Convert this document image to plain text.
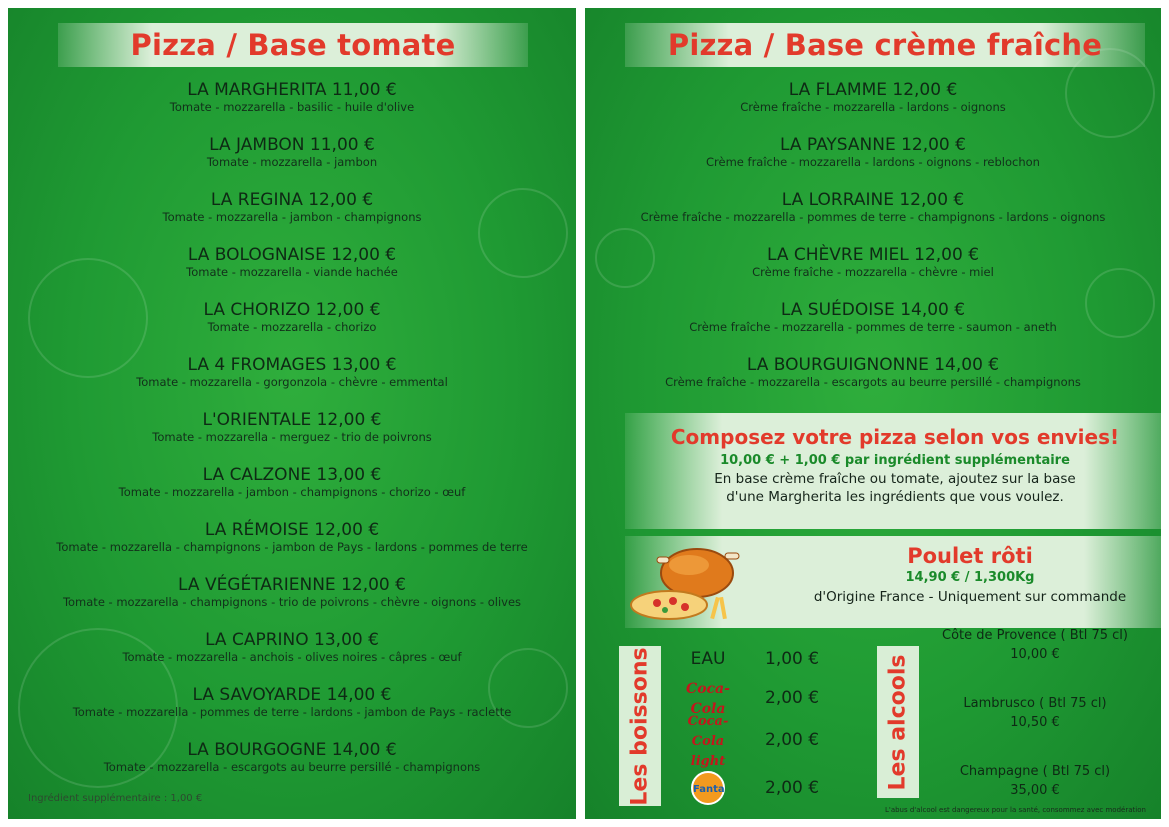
Pizza / Base tomate
LA MARGHERITA 11,00 €
Tomate - mozzarella - basilic - huile d'olive
LA JAMBON 11,00 €
Tomate - mozzarella - jambon
LA REGINA 12,00 €
Tomate - mozzarella - jambon - champignons
LA BOLOGNAISE 12,00 €
Tomate - mozzarella - viande hachée
LA CHORIZO 12,00 €
Tomate - mozzarella - chorizo
LA 4 FROMAGES 13,00 €
Tomate - mozzarella - gorgonzola - chèvre - emmental
L'ORIENTALE 12,00 €
Tomate - mozzarella - merguez - trio de poivrons
LA CALZONE 13,00 €
Tomate - mozzarella - jambon - champignons - chorizo - œuf
LA RÉMOISE 12,00 €
Tomate - mozzarella - champignons - jambon de Pays - lardons - pommes de terre
LA VÉGÉTARIENNE 12,00 €
Tomate - mozzarella - champignons - trio de poivrons - chèvre - oignons - olives
LA CAPRINO 13,00 €
Tomate - mozzarella - anchois - olives noires - câpres - œuf
LA SAVOYARDE 14,00 €
Tomate - mozzarella - pommes de terre - lardons - jambon de Pays - raclette
LA BOURGOGNE 14,00 €
Tomate - mozzarella - escargots au beurre persillé - champignons
Ingrédient supplémentaire : 1,00 €
Pizza / Base crème fraîche
LA FLAMME 12,00 €
Crème fraîche - mozzarella - lardons - oignons
LA PAYSANNE 12,00 €
Crème fraîche - mozzarella - lardons - oignons - reblochon
LA LORRAINE 12,00 €
Crème fraîche - mozzarella - pommes de terre - champignons - lardons - oignons
LA CHÈVRE MIEL 12,00 €
Crème fraîche - mozzarella - chèvre - miel
LA SUÉDOISE 14,00 €
Crème fraîche - mozzarella - pommes de terre - saumon - aneth
LA BOURGUIGNONNE 14,00 €
Crème fraîche - mozzarella - escargots au beurre persillé - champignons
Composez votre pizza selon vos envies!
10,00 € + 1,00 € par ingrédient supplémentaire
En base crème fraîche ou tomate, ajoutez sur la base
d'une Margherita les ingrédients que vous voulez.
Poulet rôti
14,90 € / 1,300Kg
d'Origine France - Uniquement sur commande
Les boissons	EAU	1,00 €
Coca-Cola
2,00 €
Coca-Cola light
2,00 €
Fanta	2,00 €	Les alcools
Côte de Provence ( Btl 75 cl)
10,00 €
Lambrusco ( Btl 75 cl)
10,50 €
Champagne ( Btl 75 cl)
35,00 €
L'abus d'alcool est dangereux pour la santé, consommez avec modération
